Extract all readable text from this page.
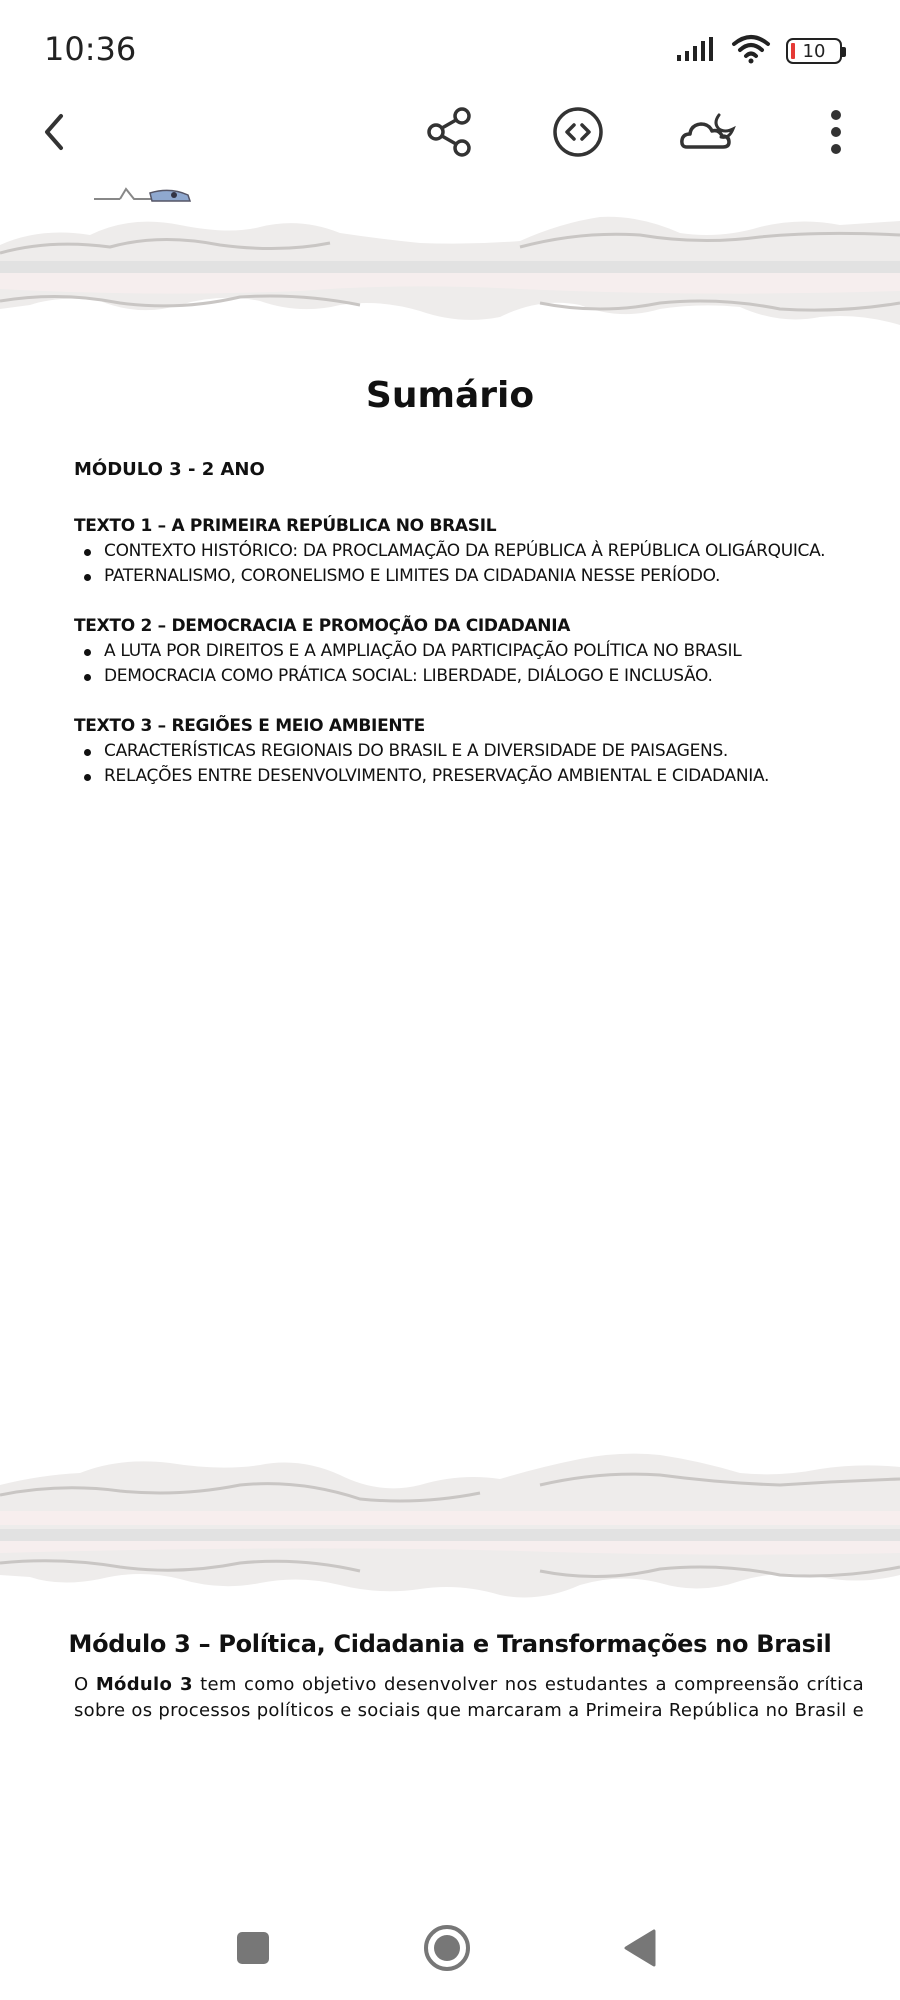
10:36	10
Sumário
MÓDULO 3 - 2 ANO
TEXTO 1 – A PRIMEIRA REPÚBLICA NO BRASIL
CONTEXTO HISTÓRICO: DA PROCLAMAÇÃO DA REPÚBLICA À REPÚBLICA OLIGÁRQUICA.
PATERNALISMO, CORONELISMO E LIMITES DA CIDADANIA NESSE PERÍODO.
TEXTO 2 – DEMOCRACIA E PROMOÇÃO DA CIDADANIA
A LUTA POR DIREITOS E A AMPLIAÇÃO DA PARTICIPAÇÃO POLÍTICA NO BRASIL
DEMOCRACIA COMO PRÁTICA SOCIAL: LIBERDADE, DIÁLOGO E INCLUSÃO.
TEXTO 3 – REGIÕES E MEIO AMBIENTE
CARACTERÍSTICAS REGIONAIS DO BRASIL E A DIVERSIDADE DE PAISAGENS.
RELAÇÕES ENTRE DESENVOLVIMENTO, PRESERVAÇÃO AMBIENTAL E CIDADANIA.
Módulo 3 – Política, Cidadania e Transformações no Brasil
O Módulo 3 tem como objetivo desenvolver nos estudantes a compreensão crítica sobre os processos políticos e sociais que marcaram a Primeira República no Brasil e
